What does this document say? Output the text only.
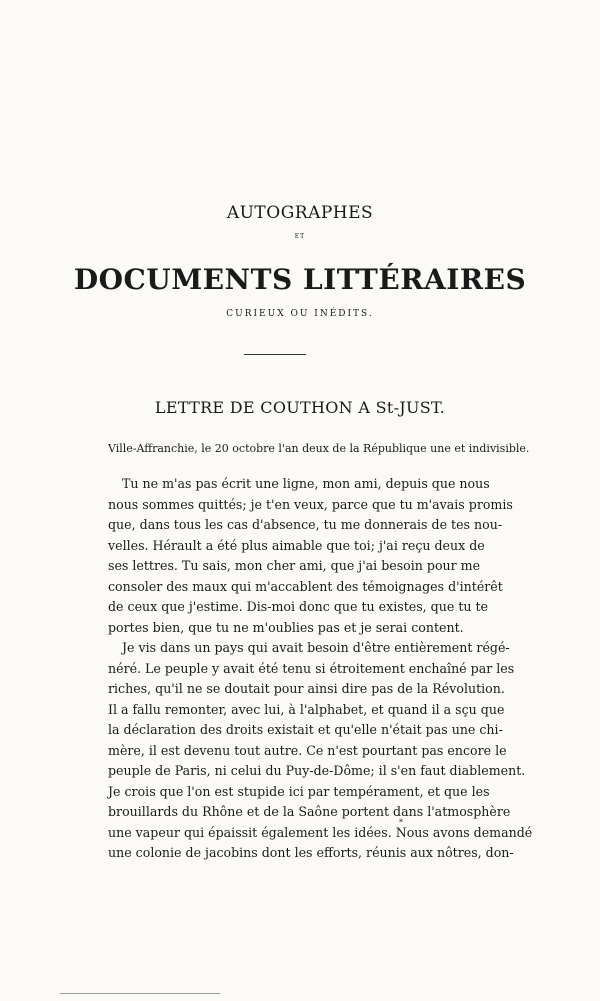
AUTOGRAPHES
ET
DOCUMENTS LITTÉRAIRES
CURIEUX OU INÉDITS.
LETTRE DE COUTHON A St-JUST.
Ville-Affranchie, le 20 octobre l'an deux de la République une et indivisible.
Tu ne m'as pas écrit une ligne, mon ami, depuis que nous
nous sommes quittés; je t'en veux, parce que tu m'avais promis
que, dans tous les cas d'absence, tu me donnerais de tes nou-
velles. Hérault a été plus aimable que toi; j'ai reçu deux de
ses lettres. Tu sais, mon cher ami, que j'ai besoin pour me
consoler des maux qui m'accablent des témoignages d'intérêt
de ceux que j'estime. Dis-moi donc que tu existes, que tu te
portes bien, que tu ne m'oublies pas et je serai content.
Je vis dans un pays qui avait besoin d'être entièrement régé-
néré. Le peuple y avait été tenu si étroitement enchaîné par les
riches, qu'il ne se doutait pour ainsi dire pas de la Révolution.
Il a fallu remonter, avec lui, à l'alphabet, et quand il a sçu que
la déclaration des droits existait et qu'elle n'était pas une chi-
mère, il est devenu tout autre. Ce n'est pourtant pas encore le
peuple de Paris, ni celui du Puy-de-Dôme; il s'en faut diablement.
Je crois que l'on est stupide ici par tempérament, et que les
brouillards du Rhône et de la Saône portent dans l'atmosphère
une vapeur qui épaissit également les idées. Nous avons demandé
une colonie de jacobins dont les efforts, réunis aux nôtres, don-
*
